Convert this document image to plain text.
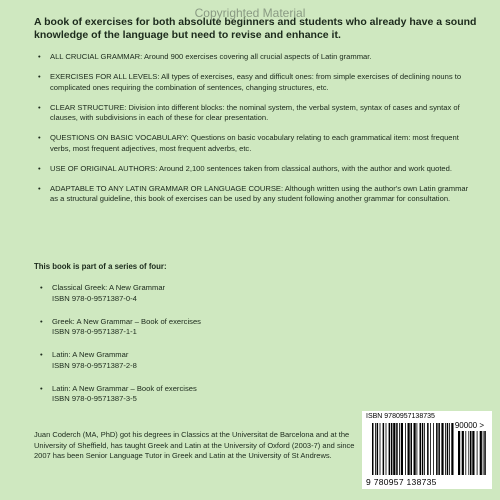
Copyrighted Material
A book of exercises for both absolute beginners and students who already have a sound knowledge of the language but need to revise and enhance it.
• ALL CRUCIAL GRAMMAR: Around 900 exercises covering all crucial aspects of Latin grammar.
• EXERCISES FOR ALL LEVELS: All types of exercises, easy and difficult ones: from simple exercises of declining nouns to complicated ones requiring the combination of sentences, changing structures, etc.
• CLEAR STRUCTURE: Division into different blocks: the nominal system, the verbal system, syntax of cases and syntax of clauses, with subdivisions in each of these for clear presentation.
• QUESTIONS ON BASIC VOCABULARY: Questions on basic vocabulary relating to each grammatical item: most frequent verbs, most frequent adjectives, most frequent adverbs, etc.
• USE OF ORIGINAL AUTHORS: Around 2,100 sentences taken from classical authors, with the author and work quoted.
• ADAPTABLE TO ANY LATIN GRAMMAR OR LANGUAGE COURSE: Although written using the author's own Latin grammar as a structural guideline, this book of exercises can be used by any student following another grammar for consultation.
This book is part of a series of four:
• Classical Greek: A New Grammar
ISBN 978-0-9571387-0-4
• Greek: A New Grammar – Book of exercises
ISBN 978-0-9571387-1-1
• Latin: A New Grammar
ISBN 978-0-9571387-2-8
• Latin: A New Grammar – Book of exercises
ISBN 978-0-9571387-3-5
Juan Coderch (MA, PhD) got his degrees in Classics at the Universitat de Barcelona and at the University of Sheffield, has taught Greek and Latin at the University of Oxford (2003-7) and since 2007 has been Senior Language Tutor in Greek and Latin at the University of St Andrews.
ISBN 9780957138735
90000 >
9 780957 138735
